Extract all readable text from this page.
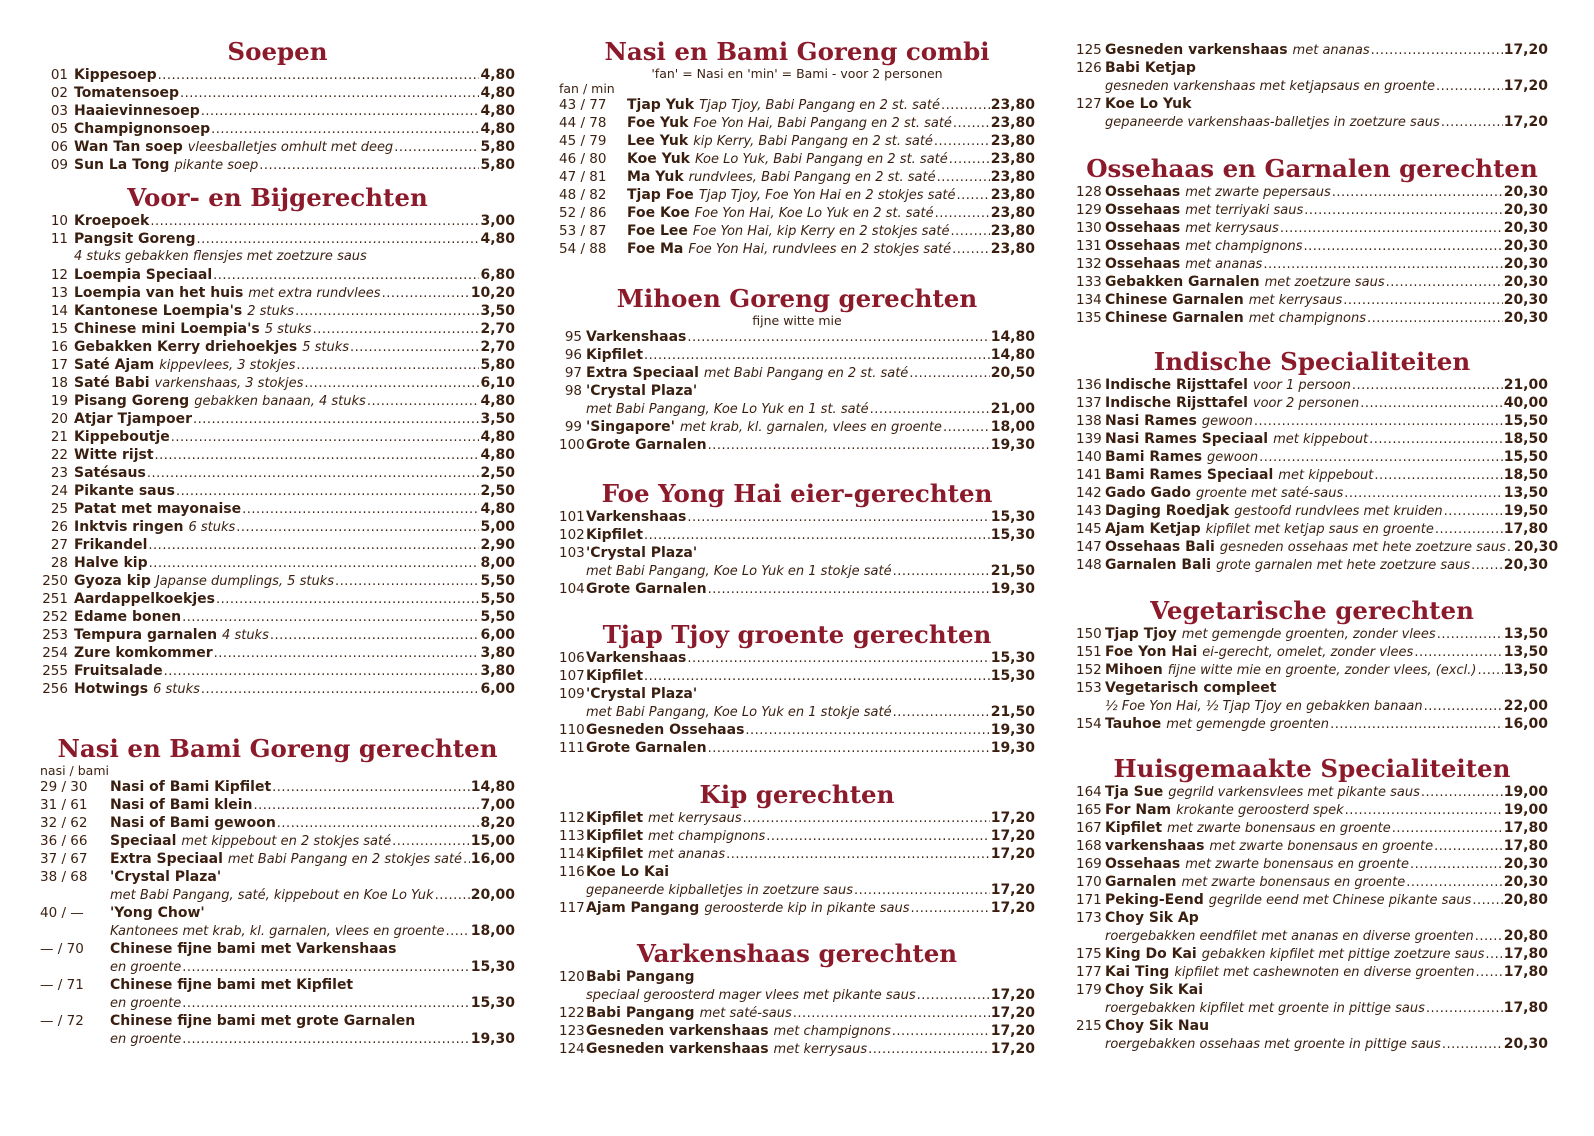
Soepen
01 Kippesoep .....	4,80
02 Tomatensoep .....	4,80
03 Haaievinnesoep .....	4,80
05 Champignonsoep .....	4,80
06 Wan Tan soep vleesballetjes omhult met deeg .....	5,80
09 Sun La Tong pikante soep .....	5,80
Voor- en Bijgerechten
10 Kroepoek .....	3,00
11 Pangsit Goreng .....	4,80
4 stuks gebakken flensjes met zoetzure saus
12 Loempia Speciaal .....	6,80
13 Loempia van het huis met extra rundvlees .....	10,20
14 Kantonese Loempia's 2 stuks .....	3,50
15 Chinese mini Loempia's 5 stuks .....	2,70
16 Gebakken Kerry driehoekjes 5 stuks .....	2,70
17 Saté Ajam kippevlees, 3 stokjes .....	5,80
18 Saté Babi varkenshaas, 3 stokjes .....	6,10
19 Pisang Goreng gebakken banaan, 4 stuks .....	4,80
20 Atjar Tjampoer .....	3,50
21 Kippeboutje .....	4,80
22 Witte rijst .....	4,80
23 Satésaus .....	2,50
24 Pikante saus .....	2,50
25 Patat met mayonaise .....	4,80
26 Inktvis ringen 6 stuks .....	5,00
27 Frikandel .....	2,90
28 Halve kip .....	8,00
250 Gyoza kip Japanse dumplings, 5 stuks .....	5,50
251 Aardappelkoekjes .....	5,50
252 Edame bonen .....	5,50
253 Tempura garnalen 4 stuks .....	6,00
254 Zure komkommer .....	3,80
255 Fruitsalade .....	3,80
256 Hotwings 6 stuks .....	6,00
Nasi en Bami Goreng gerechten
nasi / bami
29 / 30	Nasi of Bami Kipfilet .....	14,80
31 / 61	Nasi of Bami klein .....	7,00
32 / 62	Nasi of Bami gewoon .....	8,20
36 / 66	Speciaal met kippebout en 2 stokjes saté .....	15,00
37 / 67	Extra Speciaal met Babi Pangang en 2 stokjes saté ..... 16,00
38 / 68	'Crystal Plaza'
met Babi Pangang, saté, kippebout en Koe Lo Yuk .....	20,00
40 / —	'Yong Chow'
Kantonees met krab, kl. garnalen, vlees en groente ..... 18,00
— / 70	Chinese fijne bami met Varkenshaas
en groente .....	15,30
— / 71	Chinese fijne bami met Kipfilet
en groente .....	15,30
— / 72	Chinese fijne bami met grote Garnalen
en groente .....	19,30
Nasi en Bami Goreng combi
'fan' = Nasi en 'min' = Bami - voor 2 personen
fan / min
43 / 77	Tjap Yuk Tjap Tjoy, Babi Pangang en 2 st. saté .....	23,80
44 / 78	Foe Yuk Foe Yon Hai, Babi Pangang en 2 st. saté .....	23,80
45 / 79	Lee Yuk kip Kerry, Babi Pangang en 2 st. saté .....	23,80
46 / 80	Koe Yuk Koe Lo Yuk, Babi Pangang en 2 st. saté .....	23,80
47 / 81	Ma Yuk rundvlees, Babi Pangang en 2 st. saté .....	23,80
48 / 82	Tjap Foe Tjap Tjoy, Foe Yon Hai en 2 stokjes saté .....	23,80
52 / 86	Foe Koe Foe Yon Hai, Koe Lo Yuk en 2 st. saté .....	23,80
53 / 87	Foe Lee Foe Yon Hai, kip Kerry en 2 stokjes saté .....	23,80
54 / 88	Foe Ma Foe Yon Hai, rundvlees en 2 stokjes saté .....	23,80
Mihoen Goreng gerechten
fijne witte mie
95 Varkenshaas .....	14,80
96 Kipfilet .....	14,80
97 Extra Speciaal met Babi Pangang en 2 st. saté .....	20,50
98 'Crystal Plaza'
met Babi Pangang, Koe Lo Yuk en 1 st. saté .....	21,00
99 'Singapore' met krab, kl. garnalen, vlees en groente .....	18,00
100 Grote Garnalen .....	19,30
Foe Yong Hai eier-gerechten
101 Varkenshaas .....	15,30
102 Kipfilet .....	15,30
103 'Crystal Plaza'
met Babi Pangang, Koe Lo Yuk en 1 stokje saté .....	21,50
104 Grote Garnalen .....	19,30
Tjap Tjoy groente gerechten
106 Varkenshaas .....	15,30
107 Kipfilet .....	15,30
109 'Crystal Plaza'
met Babi Pangang, Koe Lo Yuk en 1 stokje saté .....	21,50
110 Gesneden Ossehaas .....	19,30
111 Grote Garnalen .....	19,30
Kip gerechten
112 Kipfilet met kerrysaus .....	17,20
113 Kipfilet met champignons .....	17,20
114 Kipfilet met ananas .....	17,20
116 Koe Lo Kai
gepaneerde kipballetjes in zoetzure saus .....	17,20
117 Ajam Pangang geroosterde kip in pikante saus .....	17,20
Varkenshaas gerechten
120 Babi Pangang
speciaal geroosterd mager vlees met pikante saus .....	17,20
122 Babi Pangang met saté-saus .....	17,20
123 Gesneden varkenshaas met champignons .....	17,20
124 Gesneden varkenshaas met kerrysaus .....	17,20
125 Gesneden varkenshaas met ananas .....	17,20
126 Babi Ketjap
gesneden varkenshaas met ketjapsaus en groente .....	17,20
127 Koe Lo Yuk
gepaneerde varkenshaas-balletjes in zoetzure saus .....	17,20
Ossehaas en Garnalen gerechten
128 Ossehaas met zwarte pepersaus .....	20,30
129 Ossehaas met terriyaki saus .....	20,30
130 Ossehaas met kerrysaus .....	20,30
131 Ossehaas met champignons .....	20,30
132 Ossehaas met ananas .....	20,30
133 Gebakken Garnalen met zoetzure saus .....	20,30
134 Chinese Garnalen met kerrysaus .....	20,30
135 Chinese Garnalen met champignons .....	20,30
Indische Specialiteiten
136 Indische Rijsttafel voor 1 persoon .....	21,00
137 Indische Rijsttafel voor 2 personen .....	40,00
138 Nasi Rames gewoon .....	15,50
139 Nasi Rames Speciaal met kippebout .....	18,50
140 Bami Rames gewoon .....	15,50
141 Bami Rames Speciaal met kippebout .....	18,50
142 Gado Gado groente met saté-saus .....	13,50
143 Daging Roedjak gestoofd rundvlees met kruiden .....	19,50
145 Ajam Ketjap kipfilet met ketjap saus en groente .....	17,80
147 Ossehaas Bali gesneden ossehaas met hete zoetzure saus ..... 20,30
148 Garnalen Bali grote garnalen met hete zoetzure saus ..... 20,30
Vegetarische gerechten
150 Tjap Tjoy met gemengde groenten, zonder vlees .....	13,50
151 Foe Yon Hai ei-gerecht, omelet, zonder vlees .....	13,50
152 Mihoen fijne witte mie en groente, zonder vlees, (excl.) ..... 13,50
153 Vegetarisch compleet
½ Foe Yon Hai, ½ Tjap Tjoy en gebakken banaan .....	22,00
154 Tauhoe met gemengde groenten .....	16,00
Huisgemaakte Specialiteiten
164 Tja Sue gegrild varkensvlees met pikante saus .....	19,00
165 For Nam krokante geroosterd spek .....	19,00
167 Kipfilet met zwarte bonensaus en groente .....	17,80
168 varkenshaas met zwarte bonensaus en groente .....	17,80
169 Ossehaas met zwarte bonensaus en groente .....	20,30
170 Garnalen met zwarte bonensaus en groente .....	20,30
171 Peking-Eend gegrilde eend met Chinese pikante saus ..... 20,80
173 Choy Sik Ap
roergebakken eendfilet met ananas en diverse groenten ..... 20,80
175 King Do Kai gebakken kipfilet met pittige zoetzure saus ..... 17,80
177 Kai Ting kipfilet met cashewnoten en diverse groenten ..... 17,80
179 Choy Sik Kai
roergebakken kipfilet met groente in pittige saus .....	17,80
215 Choy Sik Nau
roergebakken ossehaas met groente in pittige saus .....	20,30
